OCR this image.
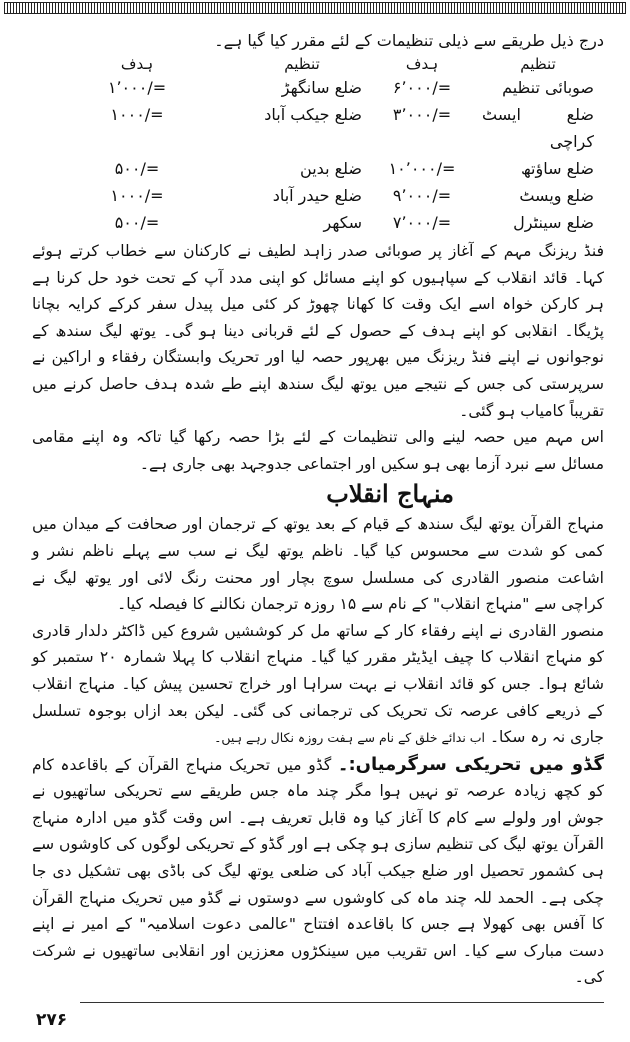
درج ذیل طریقے سے ذیلی تنظیمات کے لئے مقرر کیا گیا ہے۔

تنظیم
ہدف
تنظیم
ہدف
صوبائی تنظیم
=/۶٬۰۰۰
ضلع سانگھڑ
=/۱٬۰۰۰
ضلع ایسٹ کراچی
=/۳٬۰۰۰
ضلع جیکب آباد
=/۱۰۰۰
ضلع ساؤتھ
=/۱۰٬۰۰۰
ضلع بدین
=/۵۰۰
ضلع ویسٹ
=/۹٬۰۰۰
ضلع حیدر آباد
=/۱۰۰۰
ضلع سینٹرل
=/۷٬۰۰۰
سکھر
=/۵۰۰

فنڈ ریزنگ مہم کے آغاز پر صوبائی صدر زاہد لطیف نے کارکنان سے خطاب کرتے ہوئے کہا۔ قائد انقلاب کے سپاہیوں کو اپنے مسائل کو اپنی مدد آپ کے تحت خود حل کرنا ہے ہر کارکن خواہ اسے ایک وقت کا کھانا چھوڑ کر کئی میل پیدل سفر کرکے کرایہ بچانا پڑیگا۔ انقلابی کو اپنے ہدف کے حصول کے لئے قربانی دینا ہو گی۔ یوتھ لیگ سندھ کے نوجوانوں نے اپنے فنڈ ریزنگ میں بھرپور حصہ لیا اور تحریک وابستگان رفقاء و اراکین نے سرپرستی کی جس کے نتیجے میں یوتھ لیگ سندھ اپنے طے شدہ ہدف حاصل کرنے میں تقریباً کامیاب ہو گئی۔

اس مہم میں حصہ لینے والی تنظیمات کے لئے بڑا حصہ رکھا گیا تاکہ وہ اپنے مقامی مسائل سے نبرد آزما بھی ہو سکیں اور اجتماعی جدوجہد بھی جاری ہے۔

منہاج انقلاب

منہاج القرآن یوتھ لیگ سندھ کے قیام کے بعد یوتھ کے ترجمان اور صحافت کے میدان میں کمی کو شدت سے محسوس کیا گیا۔ ناظم یوتھ لیگ نے سب سے پہلے ناظم نشر و اشاعت منصور القادری کی مسلسل سوچ بچار اور محنت رنگ لائی اور یوتھ لیگ نے کراچی سے "منہاج انقلاب" کے نام سے ۱۵ روزہ ترجمان نکالنے کا فیصلہ کیا۔

منصور القادری نے اپنے رفقاء کار کے ساتھ مل کر کوششیں شروع کیں ڈاکٹر دلدار قادری کو منہاج انقلاب کا چیف ایڈیٹر مقرر کیا گیا۔ منہاج انقلاب کا پہلا شمارہ ۲۰ ستمبر کو شائع ہوا۔ جس کو قائد انقلاب نے بہت سراہا اور خراج تحسین پیش کیا۔ منہاج انقلاب کے ذریعے کافی عرصہ تک تحریک کی ترجمانی کی گئی۔ لیکن بعد ازاں بوجوہ تسلسل جاری نہ رہ سکا۔ اب ندائے خلق کے نام سے ہفت روزہ نکال رہے ہیں۔

گڈو میں تحریکی سرگرمیاں:۔ گڈو میں تحریک منہاج القرآن کے باقاعدہ کام کو کچھ زیادہ عرصہ تو نہیں ہوا مگر چند ماہ جس طریقے سے تحریکی ساتھیوں نے جوش اور ولولے سے کام کا آغاز کیا وہ قابل تعریف ہے۔ اس وقت گڈو میں ادارہ منہاج القرآن یوتھ لیگ کی تنظیم سازی ہو چکی ہے اور گڈو کے تحریکی لوگوں کی کاوشوں سے ہی کشمور تحصیل اور ضلع جیکب آباد کی ضلعی یوتھ لیگ کی باڈی بھی تشکیل دی جا چکی ہے۔ الحمد للہ چند ماہ کی کاوشوں سے دوستوں نے گڈو میں تحریک منہاج القرآن کا آفس بھی کھولا ہے جس کا باقاعدہ افتتاح "عالمی دعوت اسلامیہ" کے امیر نے اپنے دست مبارک سے کیا۔ اس تقریب میں سینکڑوں معززین اور انقلابی ساتھیوں نے شرکت کی۔

۲۷۶
